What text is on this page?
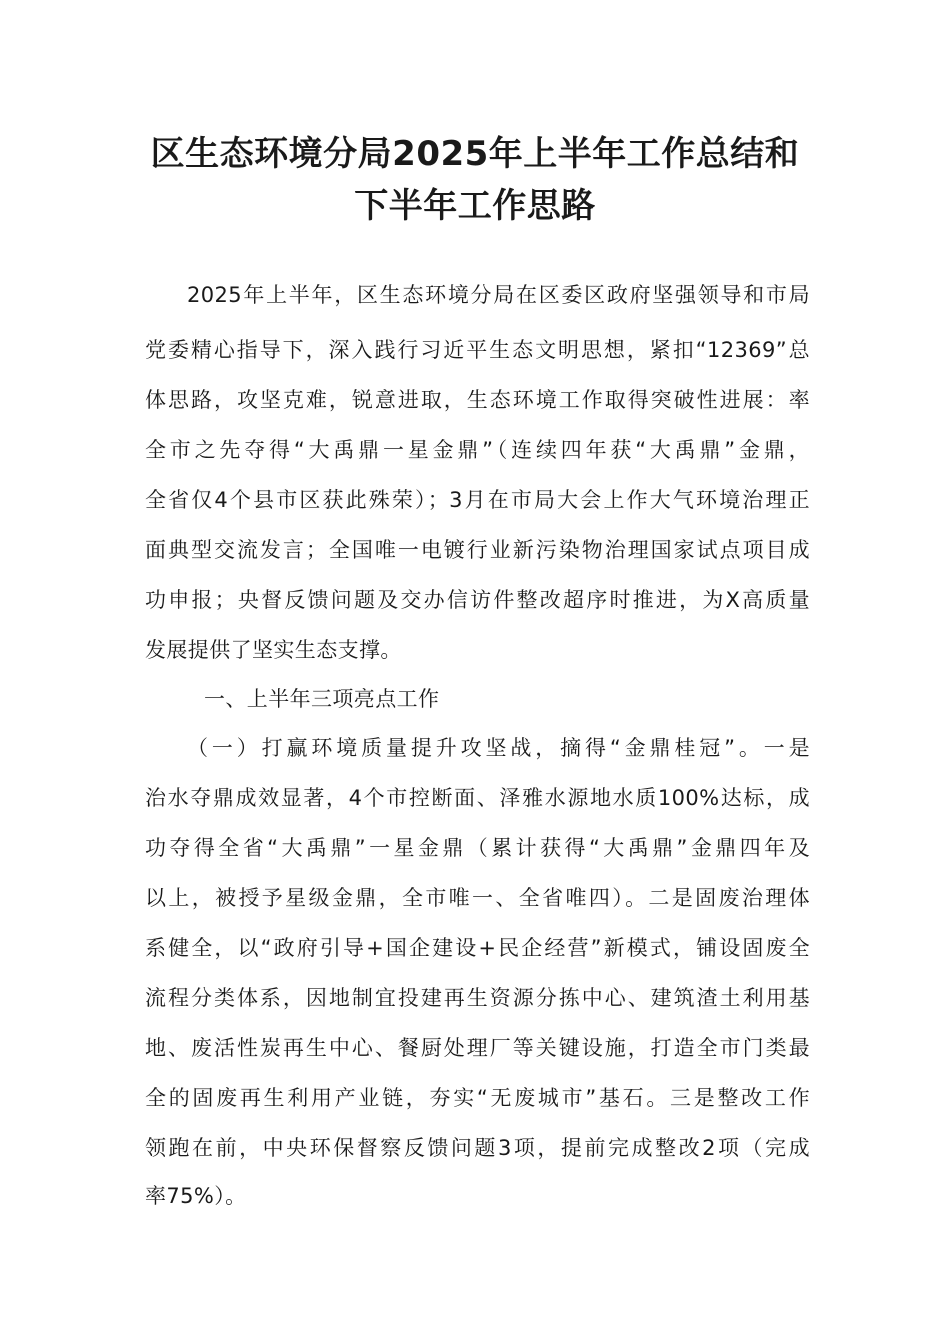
区生态环境分局2025年上半年工作总结和
下半年工作思路
2025年上半年，区生态环境分局在区委区政府坚强领导和市局
党委精心指导下，深入践行习近平生态文明思想，紧扣“12369”总
体思路，攻坚克难，锐意进取，生态环境工作取得突破性进展：率
全市之先夺得“大禹鼎一星金鼎”（连续四年获“大禹鼎”金鼎，
全省仅4个县市区获此殊荣）；3月在市局大会上作大气环境治理正
面典型交流发言；全国唯一电镀行业新污染物治理国家试点项目成
功申报；央督反馈问题及交办信访件整改超序时推进，为X高质量
发展提供了坚实生态支撑。
一、上半年三项亮点工作
（一）打赢环境质量提升攻坚战，摘得“金鼎桂冠”。一是
治水夺鼎成效显著，4个市控断面、泽雅水源地水质100%达标，成
功夺得全省“大禹鼎”一星金鼎（累计获得“大禹鼎”金鼎四年及
以上，被授予星级金鼎，全市唯一、全省唯四）。二是固废治理体
系健全，以“政府引导+国企建设+民企经营”新模式，铺设固废全
流程分类体系，因地制宜投建再生资源分拣中心、建筑渣土利用基
地、废活性炭再生中心、餐厨处理厂等关键设施，打造全市门类最
全的固废再生利用产业链，夯实“无废城市”基石。三是整改工作
领跑在前，中央环保督察反馈问题3项，提前完成整改2项（完成
率75%）。
